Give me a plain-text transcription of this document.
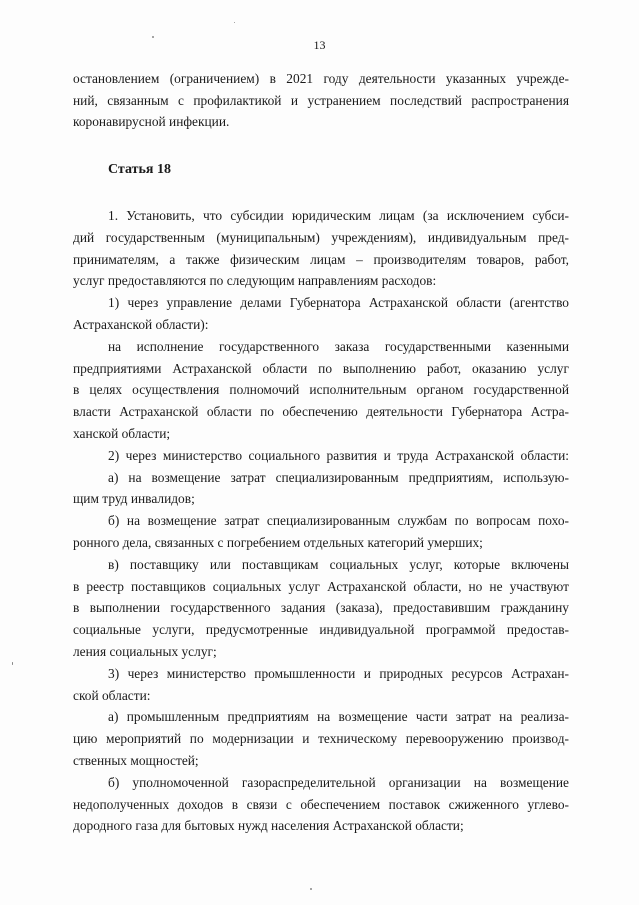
13
остановлением (ограничением) в 2021 году деятельности указанных учрежде-
ний, связанным с профилактикой и устранением последствий распространения
коронавирусной инфекции.
Статья 18
1. Установить, что субсидии юридическим лицам (за исключением субси-
дий государственным (муниципальным) учреждениям), индивидуальным пред-
принимателям, а также физическим лицам – производителям товаров, работ,
услуг предоставляются по следующим направлениям расходов:
1) через управление делами Губернатора Астраханской области (агентство
Астраханской области):
на исполнение государственного заказа государственными казенными
предприятиями Астраханской области по выполнению работ, оказанию услуг
в целях осуществления полномочий исполнительным органом государственной
власти Астраханской области по обеспечению деятельности Губернатора Астра-
ханской области;
2) через министерство социального развития и труда Астраханской области:
а) на возмещение затрат специализированным предприятиям, использую-
щим труд инвалидов;
б) на возмещение затрат специализированным службам по вопросам похо-
ронного дела, связанных с погребением отдельных категорий умерших;
в) поставщику или поставщикам социальных услуг, которые включены
в реестр поставщиков социальных услуг Астраханской области, но не участвуют
в выполнении государственного задания (заказа), предоставившим гражданину
социальные услуги, предусмотренные индивидуальной программой предостав-
ления социальных услуг;
3) через министерство промышленности и природных ресурсов Астрахан-
ской области:
а) промышленным предприятиям на возмещение части затрат на реализа-
цию мероприятий по модернизации и техническому перевооружению производ-
ственных мощностей;
б) уполномоченной газораспределительной организации на возмещение
недополученных доходов в связи с обеспечением поставок сжиженного углево-
дородного газа для бытовых нужд населения Астраханской области;
